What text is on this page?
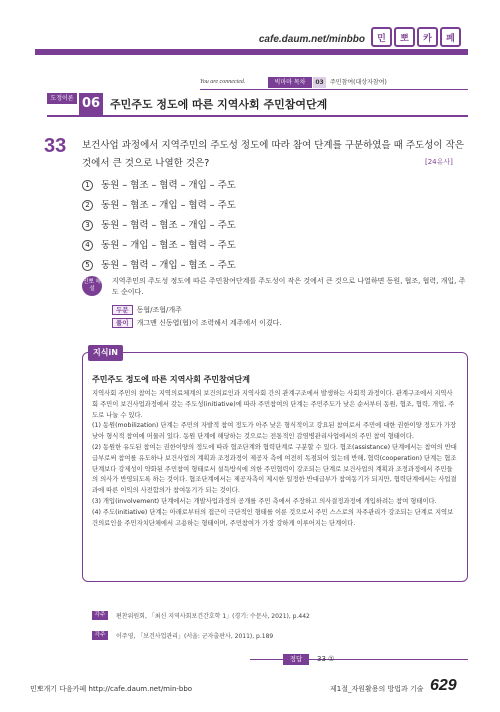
cafe.daum.net/minbbo	민	뽀	카	페
You are connected.	빅마마 목차	03	주민참여(대상자참여)
도정이론 06 주민주도 정도에 따른 지역사회 주민참여단계
33 보건사업 과정에서 지역주민의 주도성 정도에 따라 참여 단계를 구분하였을 때 주도성이 작은 것에서 큰 것으로 나열한 것은?	[24유사]
1	동원 – 협조 – 협력 – 개입 – 주도
2	동원 – 협조 – 개입 – 협력 – 주도
3	동원 – 협력 – 협조 – 개입 – 주도
4	동원 – 개입 – 협조 – 협력 – 주도
5	동원 – 협력 – 개입 – 협조 – 주도
민뽀 해설
지역주민의 주도성 정도에 따른 주민참여단계를 주도성이 작은 것에서 큰 것으로 나열하면 동원, 협조, 협력, 개입, 주도 순이다.
두문	동협/조협/개주
풀이	개그맨 신동엽(협)이 조력해서 계주에서 이겼다.
지식iN
주민주도 정도에 따른 지역사회 주민참여단계

지역사회 주민의 참여는 지역의료체계의 보건의료인과 지역사회 간의 관계구조에서 발생하는 사회적 과정이다. 관계구조에서 지역사회 주민이 보건사업과정에서 갖는 주도성(initiative)에 따라 주민참여의 단계는 주민주도가 낮은 순서부터 동원, 협조, 협력, 개입, 주도로 나눌 수 있다.

(1) 동원(mobilization) 단계는 주민의 자발적 참여 정도가 아주 낮은 형식적이고 강요된 참여로서 주민에 대한 권한이양 정도가 가장 낮아 형식적 참여에 머물러 있다. 동원 단계에 해당하는 것으로는 전통적인 감염병관리사업에서의 주민 참여 형태이다.

(2) 동원한 유도된 참여는 권한이양의 정도에 따라 협조단계와 협력단계로 구분할 수 있다. 협조(assistance) 단계에서는 참여의 반대급부로써 참여를 유도하나 보건사업의 계획과 조정과정이 제공자 측에 여전히 독점되어 있는데 반해, 협력(cooperation) 단계는 협조단계보다 강제성이 약화된 주민참여 형태로서 설득방식에 의한 주민협력이 강조되는 단계로 보건사업의 계획과 조정과정에서 주민들의 의사가 반영되도록 하는 것이다. 협조단계에서는 제공자측이 제시한 일정한 반대급부가 참여동기가 되지만, 협력단계에서는 사업결과에 따른 이익의 사전합의가 참여동기가 되는 것이다.

(3) 개입(involvement) 단계에서는 개발사업과정의 공개를 주민 측에서 주장하고 의사결정과정에 개입하려는 참여 형태이다.

(4) 주도(initiative) 단계는 아래로부터의 접근이 극단적인 형태를 이룬 것으로서 주민 스스로의 자주관리가 강조되는 단계로 지역보건의료인을 주민자치단체에서 고용하는 형태이며, 주민참여가 가장 강하게 이루어지는 단계이다.

각주	편찬위원회, 「최신 지역사회보건간호학 1」(경기: 수문사, 2021), p.442
각주	이주영, 「보건사업관리」(서울: 군자출판사, 2011), p.189
정답	33 ①
민뽀개기 다음카페 http://cafe.daum.net/min-bbo	제1절_자원활용의 방법과 기술 629
